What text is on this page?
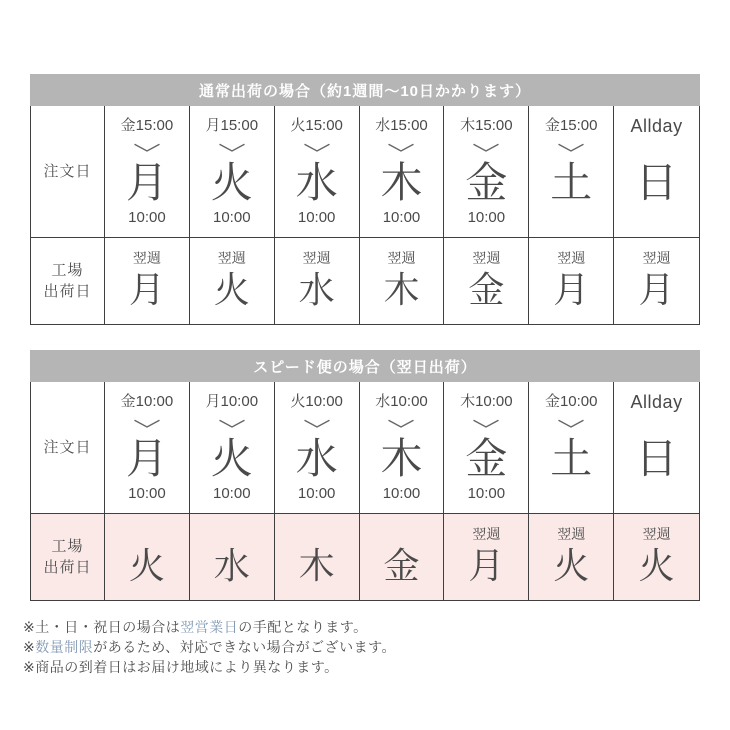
通常出荷の場合（約1週間～10日かかります）
注文日
金15:00
月
10:00
月15:00
火
10:00
火15:00
水
10:00
水15:00
木
10:00
木15:00
金
10:00
金15:00
土
Allday
日
工場
出荷日
翌週
月
翌週
火
翌週
水
翌週
木
翌週
金
翌週
月
翌週
月
スピード便の場合（翌日出荷）
注文日
金10:00
月
10:00
月10:00
火
10:00
火10:00
水
10:00
水10:00
木
10:00
木10:00
金
10:00
金10:00
土
Allday
日
工場
出荷日 火 水 木 金
翌週
月
翌週
火
翌週
火
※土・日・祝日の場合は翌営業日の手配となります。
※数量制限があるため、対応できない場合がございます。
※商品の到着日はお届け地域により異なります。
